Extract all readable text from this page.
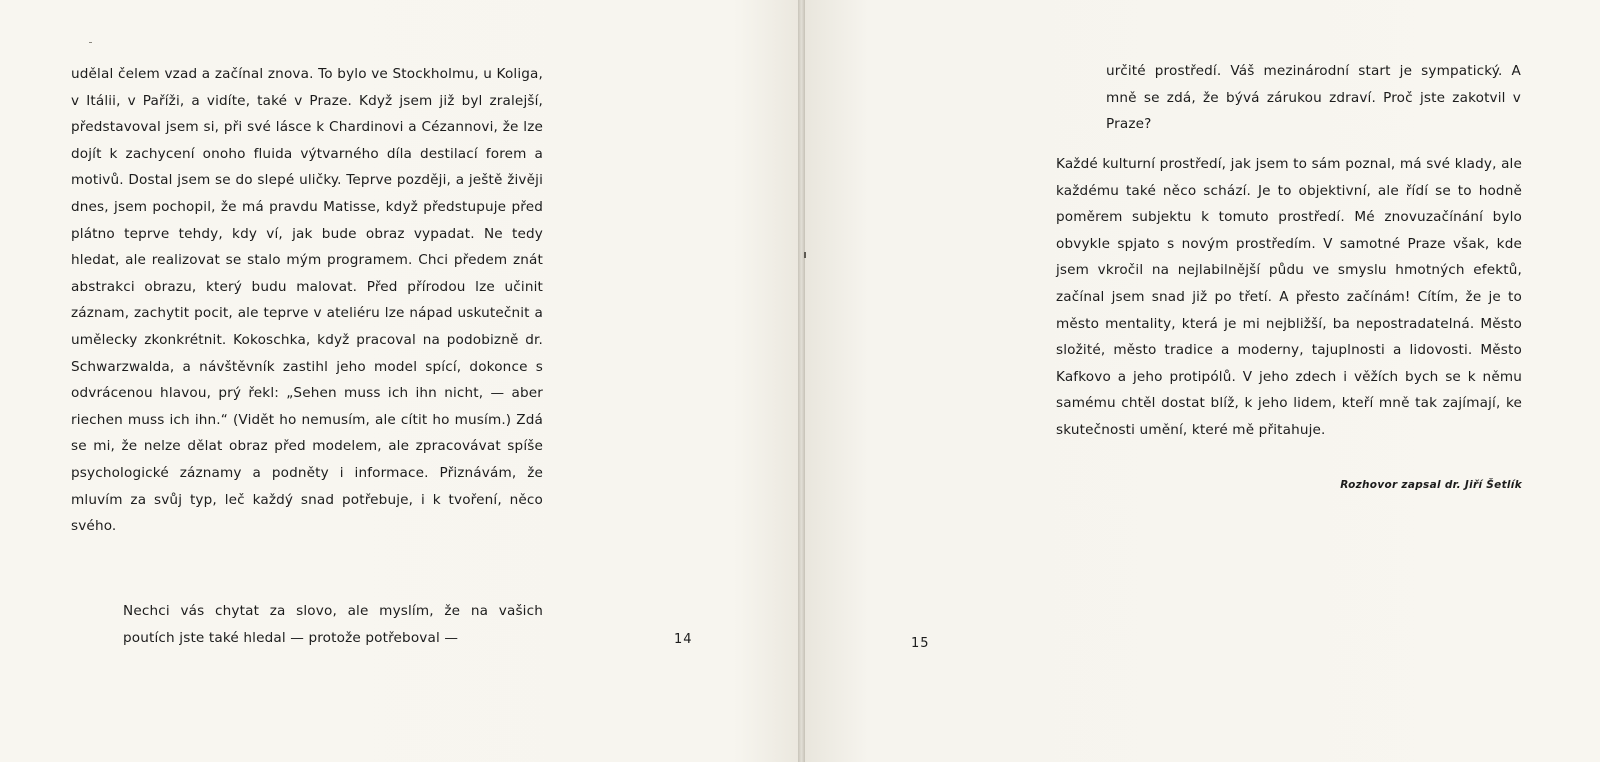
udělal čelem vzad a začínal znova. To bylo ve Stockholmu, u Koliga, v Itálii, v Paříži, a vidíte, také v Praze. Když jsem již byl zralejší, představoval jsem si, při své lásce k Chardinovi a Cézannovi, že lze dojít k zachycení onoho fluida výtvarného díla destilací forem a motivů. Dostal jsem se do slepé uličky. Teprve později, a ještě živěji dnes, jsem pochopil, že má pravdu Matisse, když předstupuje před plátno teprve tehdy, kdy ví, jak bude obraz vypadat. Ne tedy hledat, ale realizovat se stalo mým programem. Chci předem znát abstrakci obrazu, který budu malovat. Před přírodou lze učinit záznam, zachytit pocit, ale teprve v ateliéru lze nápad uskutečnit a umělecky zkonkrétnit. Kokoschka, když pracoval na podobizně dr. Schwarzwalda, a návštěvník zastihl jeho model spící, dokonce s odvrácenou hlavou, prý řekl: „Sehen muss ich ihn nicht, — aber riechen muss ich ihn.“ (Vidět ho nemusím, ale cítit ho musím.) Zdá se mi, že nelze dělat obraz před modelem, ale zpracovávat spíše psychologické záznamy a podněty i informace. Přiznávám, že mluvím za svůj typ, leč každý snad potřebuje, i k tvoření, něco svého.

Nechci vás chytat za slovo, ale myslím, že na vašich poutích jste také hledal — protože potřeboval —	14

určité prostředí. Váš mezinárodní start je sympatický. A mně se zdá, že bývá zárukou zdraví. Proč jste zakotvil v Praze?

Každé kulturní prostředí, jak jsem to sám poznal, má své klady, ale každému také něco schází. Je to objektivní, ale řídí se to hodně poměrem subjektu k tomuto prostředí. Mé znovuzačínání bylo obvykle spjato s novým prostředím. V samotné Praze však, kde jsem vkročil na nejlabilnější půdu ve smyslu hmotných efektů, začínal jsem snad již po třetí. A přesto začínám! Cítím, že je to město mentality, která je mi nejbližší, ba nepostradatelná. Město složité, město tradice a moderny, tajuplnosti a lidovosti. Město Kafkovo a jeho protipólů. V jeho zdech i věžích bych se k němu samému chtěl dostat blíž, k jeho lidem, kteří mně tak zajímají, ke skutečnosti umění, které mě přitahuje.

Rozhovor zapsal dr. Jiří Šetlík
15
